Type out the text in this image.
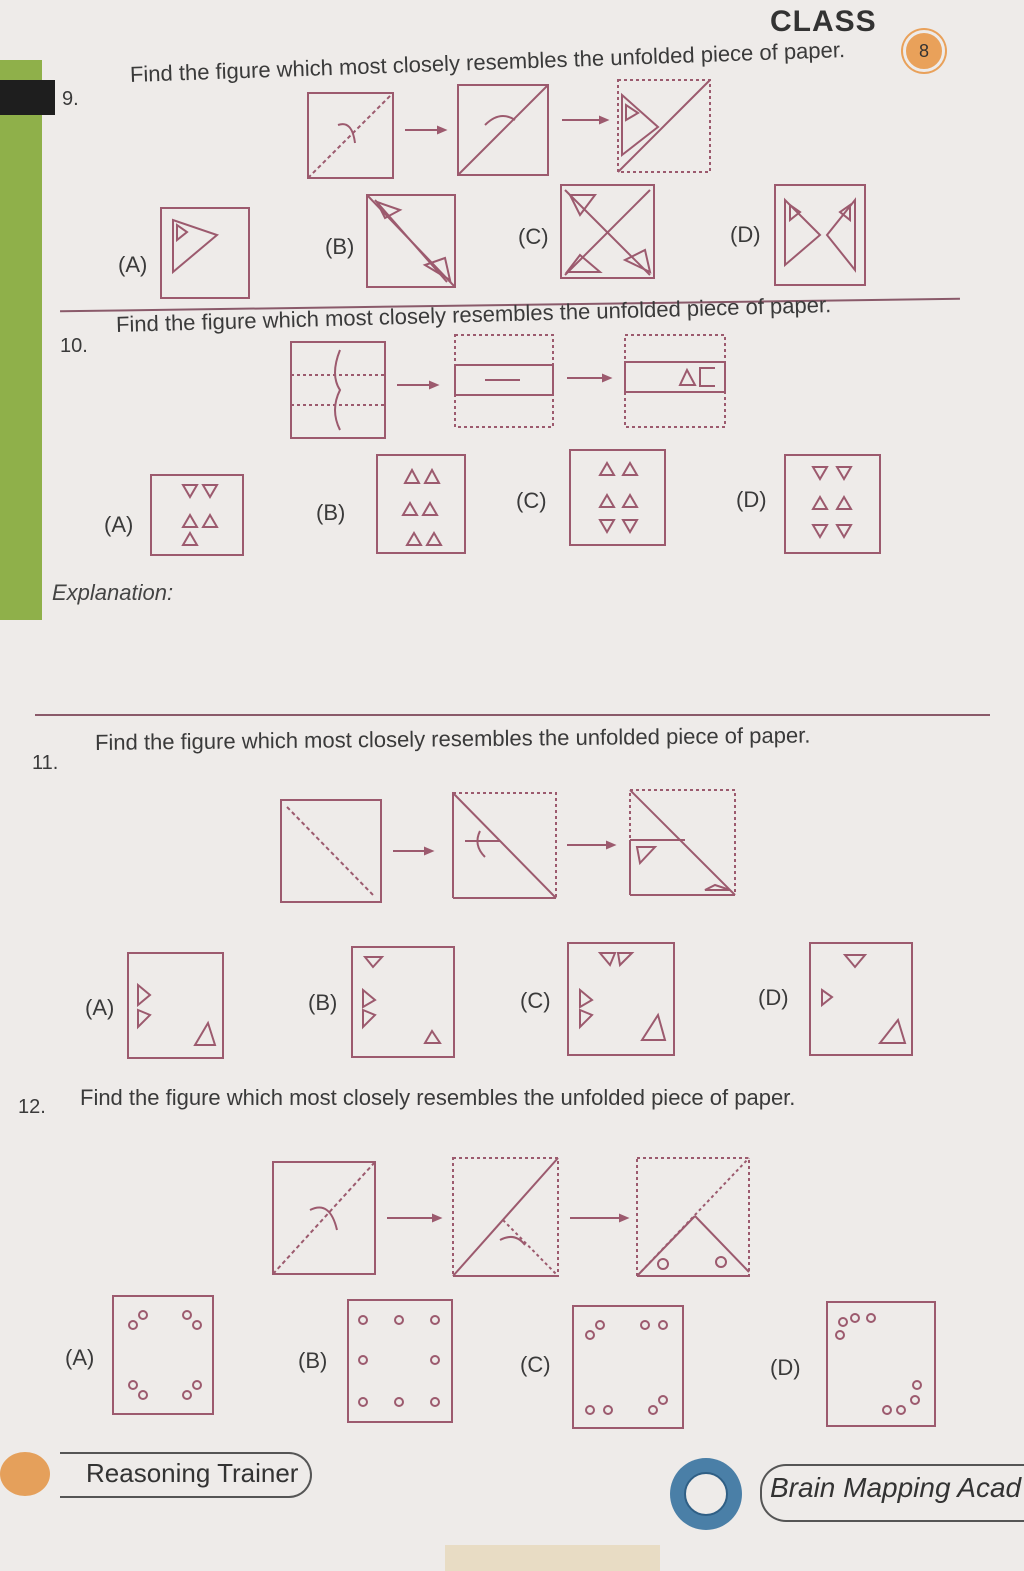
CLASS
8
9.
Find the figure which most closely resembles the unfolded piece of paper.
(A)
(B)	(C)	(D)
10.
Find the figure which most closely resembles the unfolded piece of paper.
(A)	(B)	(C)	(D)
Explanation:
11.
Find the figure which most closely resembles the unfolded piece of paper.
(A)	(B)	(C)	(D)
12. Find the figure which most closely resembles the unfolded piece of paper.
(A)	(B)	(C)	(D)
Reasoning Trainer	Brain Mapping Acad
